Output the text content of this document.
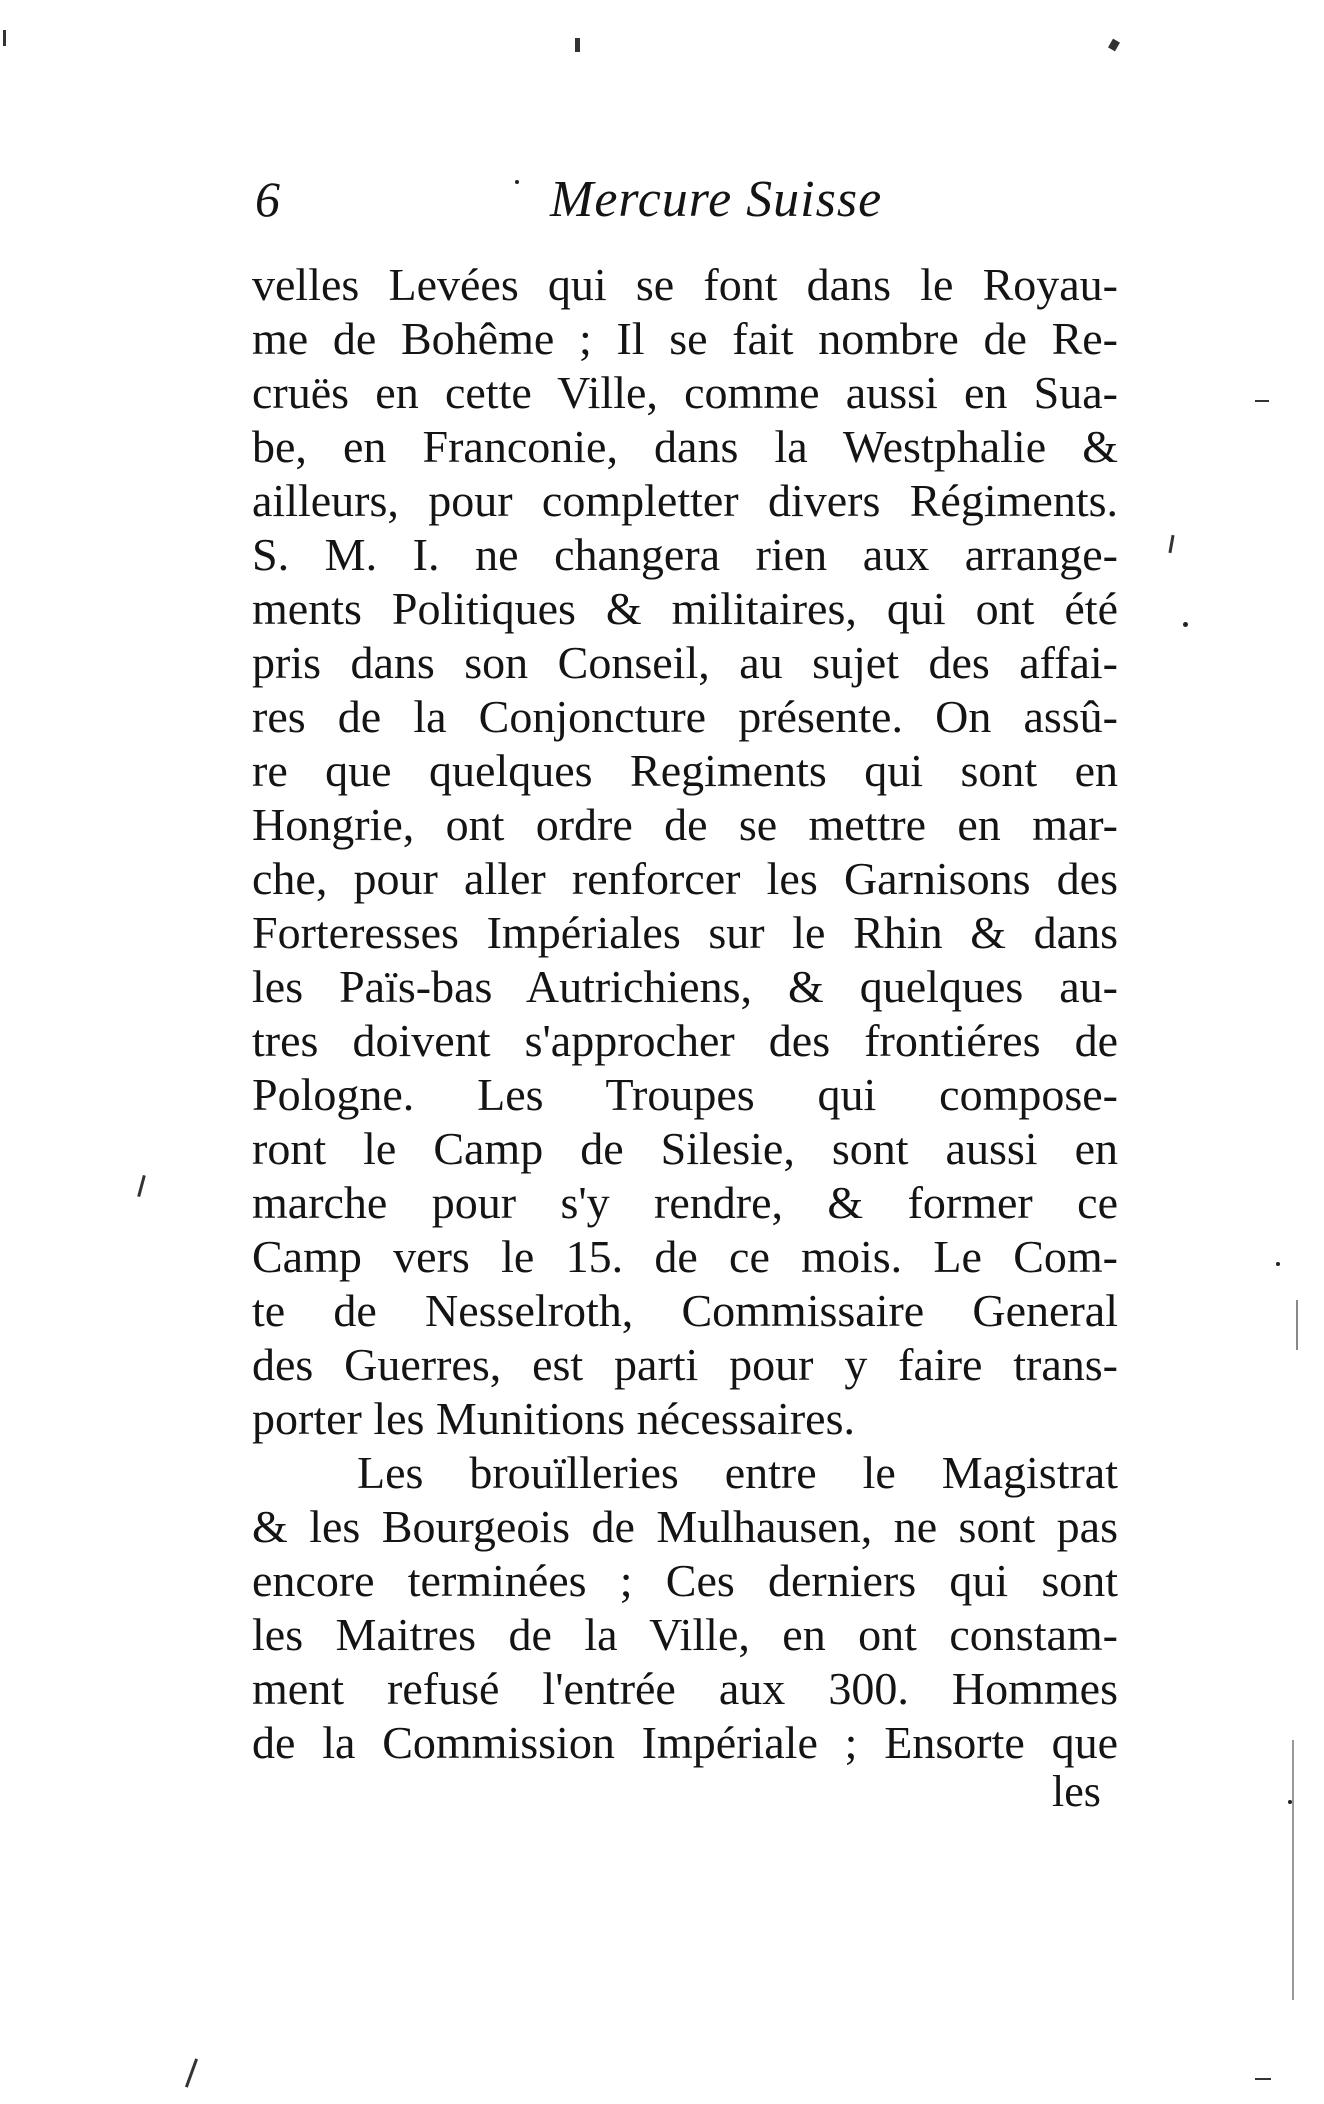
6	Mercure Suisse
velles Levées qui se font dans le Royau-
me de Bohême ; Il se fait nombre de Re-
cruës en cette Ville, comme aussi en Sua-
be, en Franconie, dans la Westphalie &
ailleurs, pour completter divers Régiments.
S. M. I. ne changera rien aux arrange-
ments Politiques & militaires, qui ont été
pris dans son Conseil, au sujet des affai-
res de la Conjoncture présente. On assû-
re que quelques Regiments qui sont en
Hongrie, ont ordre de se mettre en mar-
che, pour aller renforcer les Garnisons des
Forteresses Impériales sur le Rhin & dans
les Païs-bas Autrichiens, & quelques au-
tres doivent s'approcher des frontiéres de
Pologne. Les Troupes qui compose-
ront le Camp de Silesie, sont aussi en
marche pour s'y rendre, & former ce
Camp vers le 15. de ce mois. Le Com-
te de Nesselroth, Commissaire General
des Guerres, est parti pour y faire trans-
porter les Munitions nécessaires.
Les brouïlleries entre le Magistrat
& les Bourgeois de Mulhausen, ne sont pas
encore terminées ; Ces derniers qui sont
les Maitres de la Ville, en ont constam-
ment refusé l'entrée aux 300. Hommes
de la Commission Impériale ; Ensorte que
les
